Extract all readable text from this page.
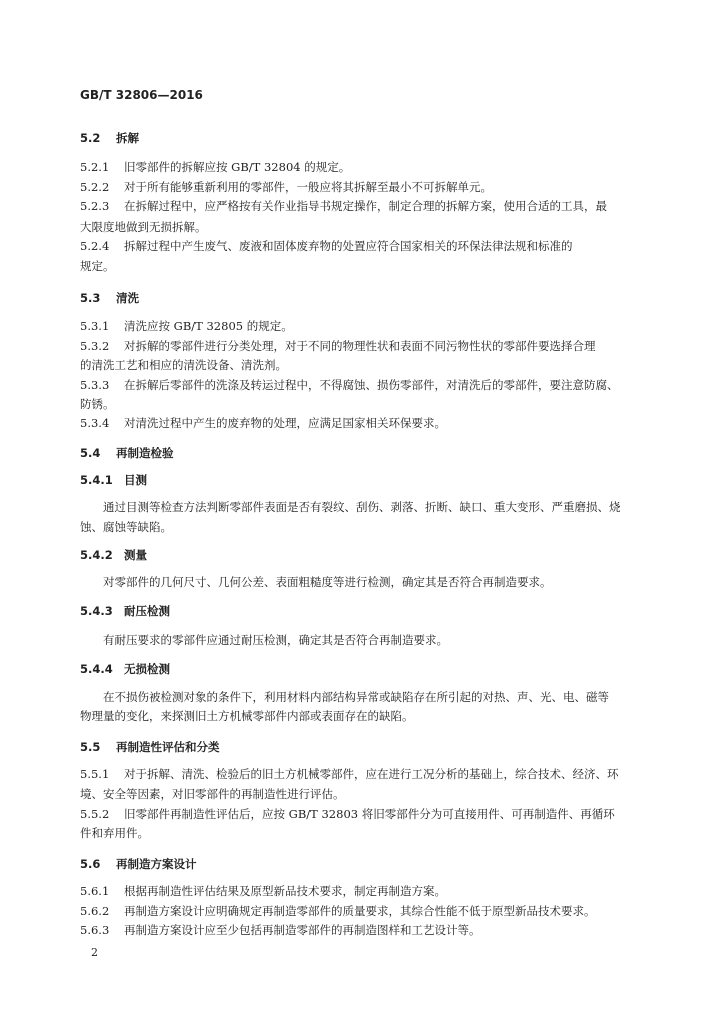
GB/T 32806—2016
5.2 拆解
5.2.1 旧零部件的拆解应按 GB/T 32804 的规定。
5.2.2 对于所有能够重新利用的零部件，一般应将其拆解至最小不可拆解单元。
5.2.3 在拆解过程中，应严格按有关作业指导书规定操作，制定合理的拆解方案，使用合适的工具，最
大限度地做到无损拆解。
5.2.4 拆解过程中产生废气、废液和固体废弃物的处置应符合国家相关的环保法律法规和标准的
规定。
5.3 清洗
5.3.1 清洗应按 GB/T 32805 的规定。
5.3.2 对拆解的零部件进行分类处理，对于不同的物理性状和表面不同污物性状的零部件要选择合理
的清洗工艺和相应的清洗设备、清洗剂。
5.3.3 在拆解后零部件的洗涤及转运过程中，不得腐蚀、损伤零部件，对清洗后的零部件，要注意防腐、
防锈。
5.3.4 对清洗过程中产生的废弃物的处理，应满足国家相关环保要求。
5.4 再制造检验
5.4.1 目测
通过目测等检查方法判断零部件表面是否有裂纹、刮伤、剥落、折断、缺口、重大变形、严重磨损、烧
蚀、腐蚀等缺陷。
5.4.2 测量
对零部件的几何尺寸、几何公差、表面粗糙度等进行检测，确定其是否符合再制造要求。
5.4.3 耐压检测
有耐压要求的零部件应通过耐压检测，确定其是否符合再制造要求。
5.4.4 无损检测
在不损伤被检测对象的条件下，利用材料内部结构异常或缺陷存在所引起的对热、声、光、电、磁等
物理量的变化，来探测旧土方机械零部件内部或表面存在的缺陷。
5.5 再制造性评估和分类
5.5.1 对于拆解、清洗、检验后的旧土方机械零部件，应在进行工况分析的基础上，综合技术、经济、环
境、安全等因素，对旧零部件的再制造性进行评估。
5.5.2 旧零部件再制造性评估后，应按 GB/T 32803 将旧零部件分为可直接用件、可再制造件、再循环
件和弃用件。
5.6 再制造方案设计
5.6.1 根据再制造性评估结果及原型新品技术要求，制定再制造方案。
5.6.2 再制造方案设计应明确规定再制造零部件的质量要求，其综合性能不低于原型新品技术要求。
5.6.3 再制造方案设计应至少包括再制造零部件的再制造图样和工艺设计等。
2
